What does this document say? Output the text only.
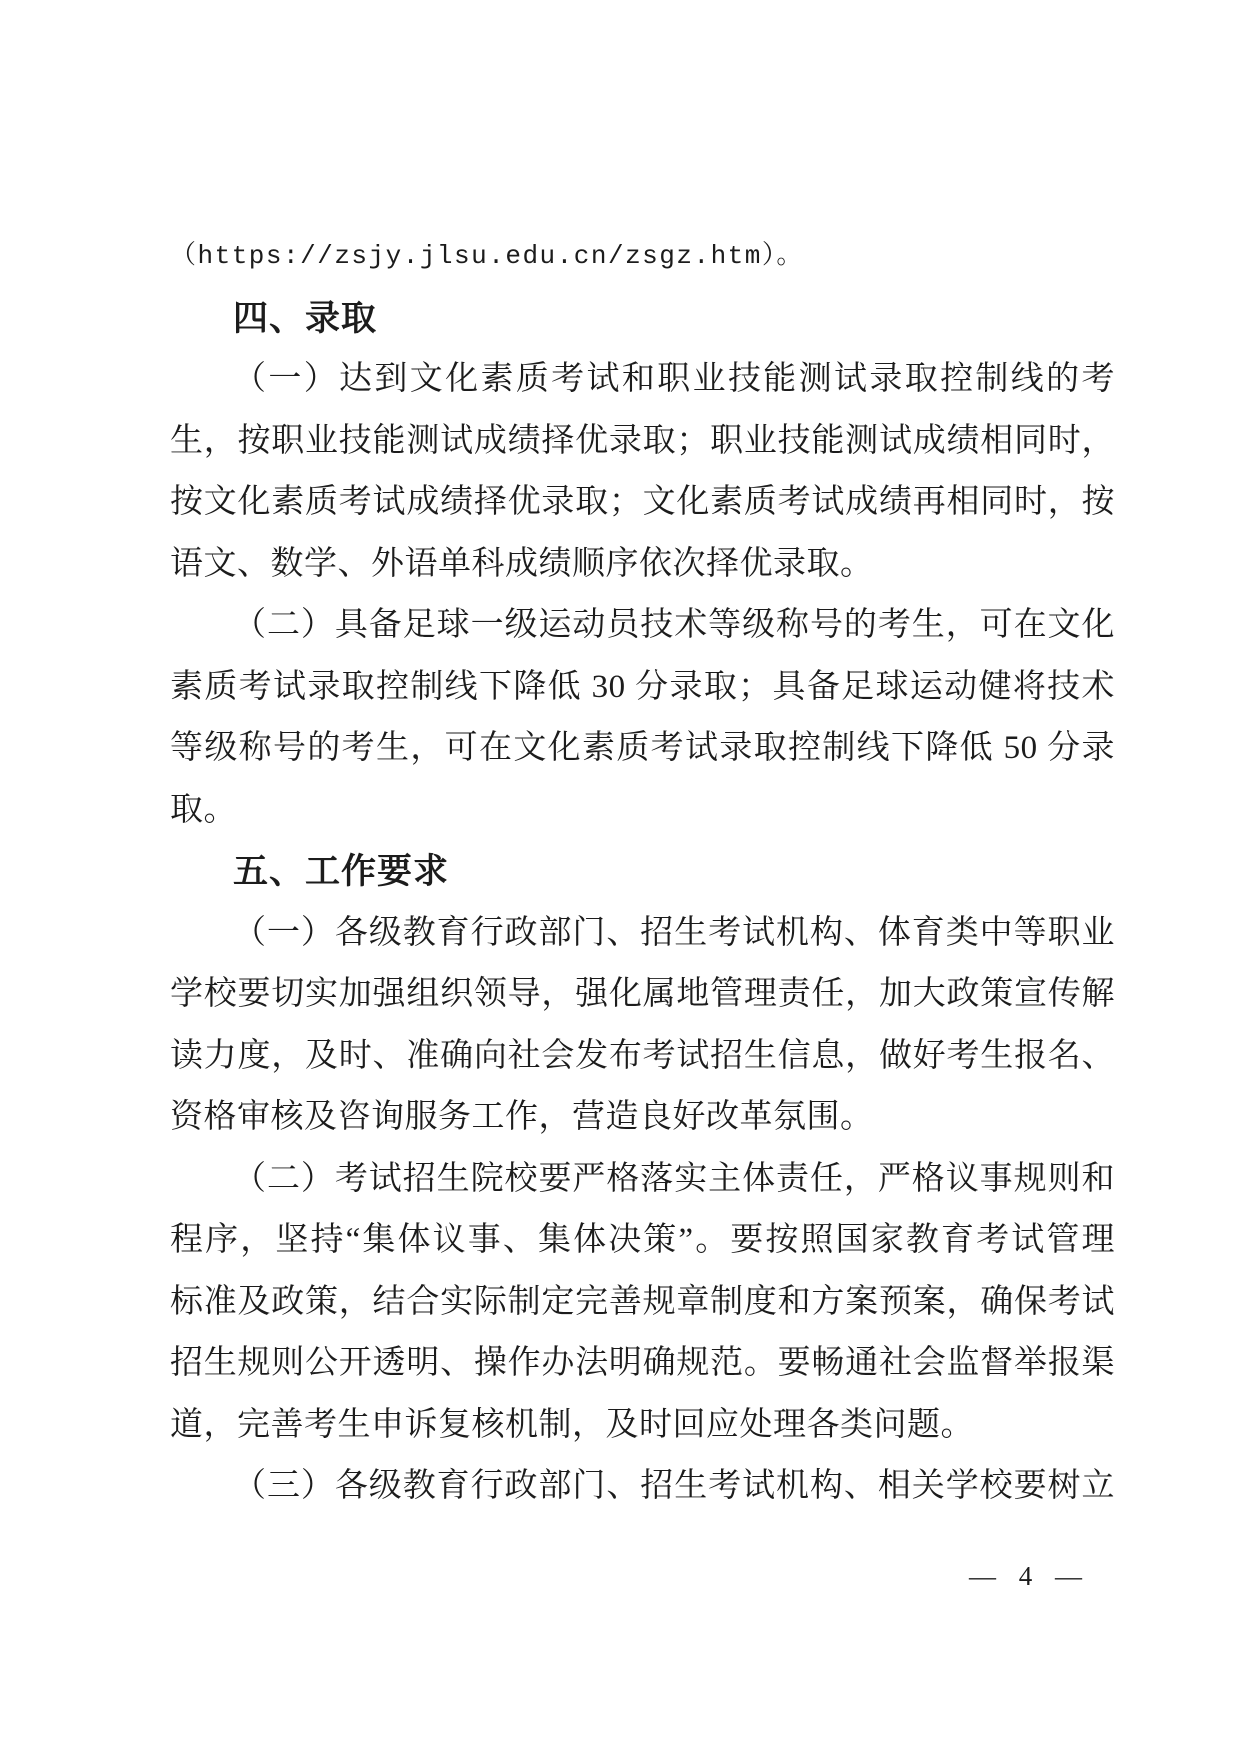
（https://zsjy.jlsu.edu.cn/zsgz.htm）。
四、录取
（一）达到文化素质考试和职业技能测试录取控制线的考
生，按职业技能测试成绩择优录取；职业技能测试成绩相同时，
按文化素质考试成绩择优录取；文化素质考试成绩再相同时，按
语文、数学、外语单科成绩顺序依次择优录取。
（二）具备足球一级运动员技术等级称号的考生，可在文化
素质考试录取控制线下降低 30 分录取；具备足球运动健将技术
等级称号的考生，可在文化素质考试录取控制线下降低 50 分录
取。
五、工作要求
（一）各级教育行政部门、招生考试机构、体育类中等职业
学校要切实加强组织领导，强化属地管理责任，加大政策宣传解
读力度，及时、准确向社会发布考试招生信息，做好考生报名、
资格审核及咨询服务工作，营造良好改革氛围。
（二）考试招生院校要严格落实主体责任，严格议事规则和
程序，坚持“集体议事、集体决策”。要按照国家教育考试管理
标准及政策，结合实际制定完善规章制度和方案预案，确保考试
招生规则公开透明、操作办法明确规范。要畅通社会监督举报渠
道，完善考生申诉复核机制，及时回应处理各类问题。
（三）各级教育行政部门、招生考试机构、相关学校要树立
— 4 —
